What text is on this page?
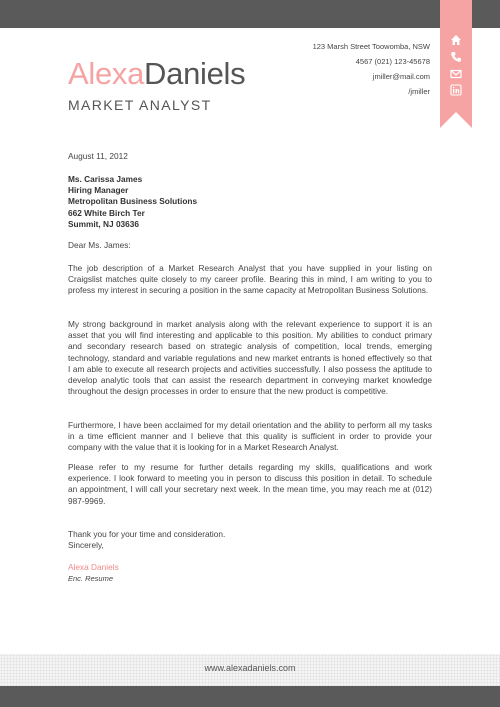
AlexaDaniels
MARKET ANALYST
123 Marsh Street Toowomba, NSW
4567 (021) 123-45678
jmiller@mail.com
/jmiller
August 11, 2012

Ms. Carissa James

Hiring Manager

Metropolitan Business Solutions

662 White Birch Ter

Summit, NJ 03636

Dear Ms. James:
The job description of a Market Research Analyst that you have supplied in your listing on Craigslist matches quite closely to my career profile. Bearing this in mind, I am writing to you to profess my interest in securing a position in the same capacity at Metropolitan Business Solutions.
My strong background in market analysis along with the relevant experience to support it is an asset that you will find interesting and applicable to this position. My abilities to conduct primary and secondary research based on strategic analysis of competition, local trends, emerging technology, standard and variable regulations and new market entrants is honed effectively so that I am able to execute all research projects and activities successfully. I also possess the aptitude to develop analytic tools that can assist the research department in conveying market knowledge throughout the design processes in order to ensure that the new product is competitive.
Furthermore, I have been acclaimed for my detail orientation and the ability to perform all my tasks in a time efficient manner and I believe that this quality is sufficient in order to provide your company with the value that it is looking for in a Market Research Analyst.
Please refer to my resume for further details regarding my skills, qualifications and work experience. I look forward to meeting you in person to discuss this position in detail. To schedule an appointment, I will call your secretary next week. In the mean time, you may reach me at (012) 987-9969.

Thank you for your time and consideration.

Sincerely,

Alexa Daniels
Enc. Resume
www.alexadaniels.com
